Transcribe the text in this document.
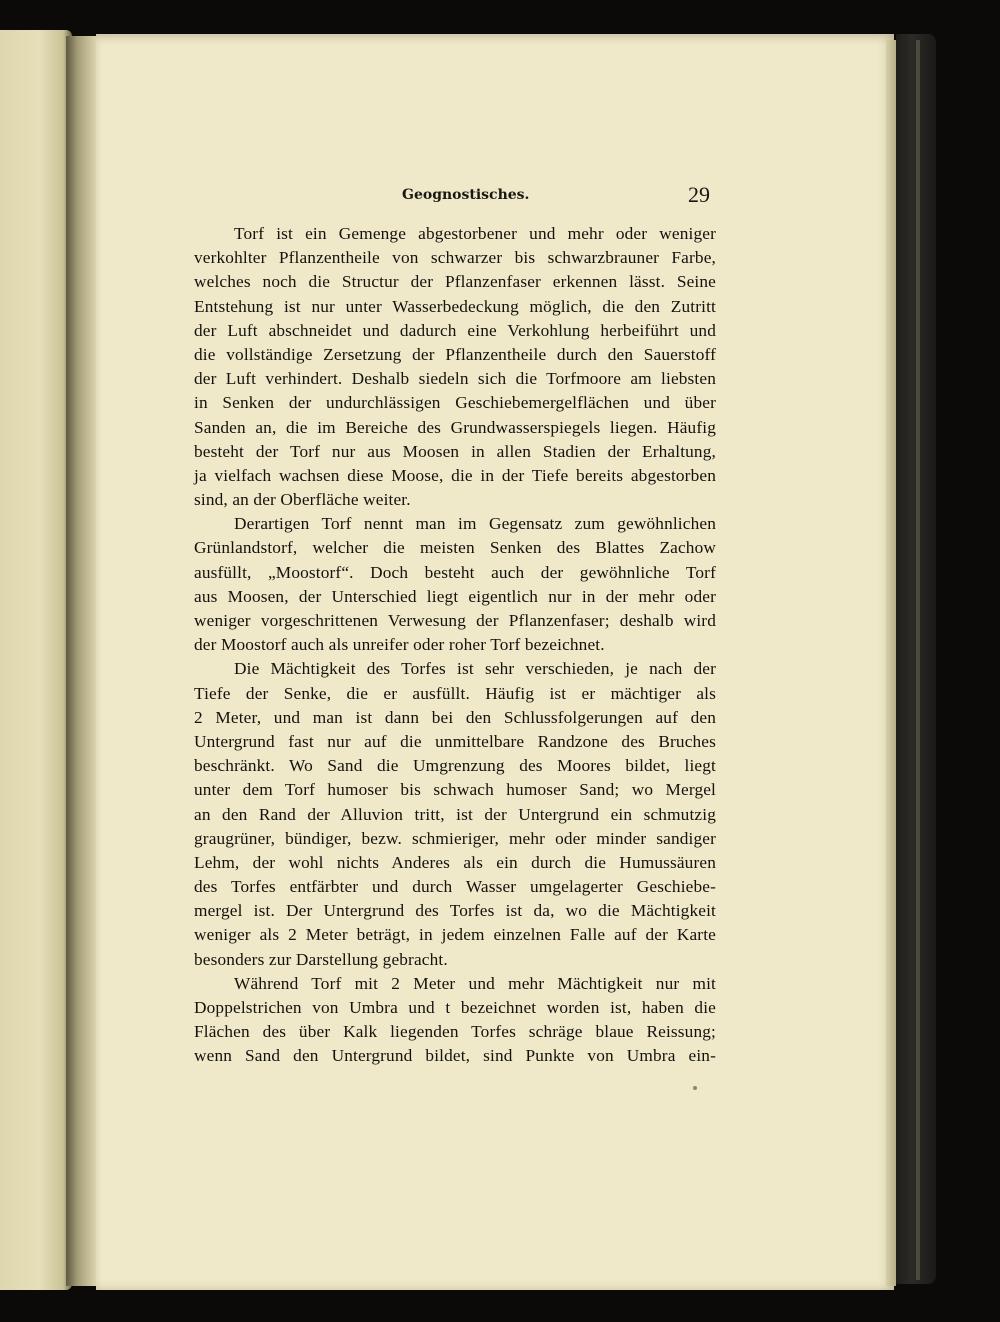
Geognostisches.	29
Torf ist ein Gemenge abgestorbener und mehr oder weniger
verkohlter Pflanzentheile von schwarzer bis schwarzbrauner Farbe,
welches noch die Structur der Pflanzenfaser erkennen lässt. Seine
Entstehung ist nur unter Wasserbedeckung möglich, die den Zutritt
der Luft abschneidet und dadurch eine Verkohlung herbeiführt und
die vollständige Zersetzung der Pflanzentheile durch den Sauerstoff
der Luft verhindert. Deshalb siedeln sich die Torfmoore am liebsten
in Senken der undurchlässigen Geschiebemergelflächen und über
Sanden an, die im Bereiche des Grundwasserspiegels liegen. Häufig
besteht der Torf nur aus Moosen in allen Stadien der Erhaltung,
ja vielfach wachsen diese Moose, die in der Tiefe bereits abgestorben
sind, an der Oberfläche weiter.
Derartigen Torf nennt man im Gegensatz zum gewöhnlichen
Grünlandstorf, welcher die meisten Senken des Blattes Zachow
ausfüllt, „Moostorf“. Doch besteht auch der gewöhnliche Torf
aus Moosen, der Unterschied liegt eigentlich nur in der mehr oder
weniger vorgeschrittenen Verwesung der Pflanzenfaser; deshalb wird
der Moostorf auch als unreifer oder roher Torf bezeichnet.
Die Mächtigkeit des Torfes ist sehr verschieden, je nach der
Tiefe der Senke, die er ausfüllt. Häufig ist er mächtiger als
2 Meter, und man ist dann bei den Schlussfolgerungen auf den
Untergrund fast nur auf die unmittelbare Randzone des Bruches
beschränkt. Wo Sand die Umgrenzung des Moores bildet, liegt
unter dem Torf humoser bis schwach humoser Sand; wo Mergel
an den Rand der Alluvion tritt, ist der Untergrund ein schmutzig
graugrüner, bündiger, bezw. schmieriger, mehr oder minder sandiger
Lehm, der wohl nichts Anderes als ein durch die Humussäuren
des Torfes entfärbter und durch Wasser umgelagerter Geschiebe-
mergel ist. Der Untergrund des Torfes ist da, wo die Mächtigkeit
weniger als 2 Meter beträgt, in jedem einzelnen Falle auf der Karte
besonders zur Darstellung gebracht.
Während Torf mit 2 Meter und mehr Mächtigkeit nur mit
Doppelstrichen von Umbra und t bezeichnet worden ist, haben die
Flächen des über Kalk liegenden Torfes schräge blaue Reissung;
wenn Sand den Untergrund bildet, sind Punkte von Umbra ein-
